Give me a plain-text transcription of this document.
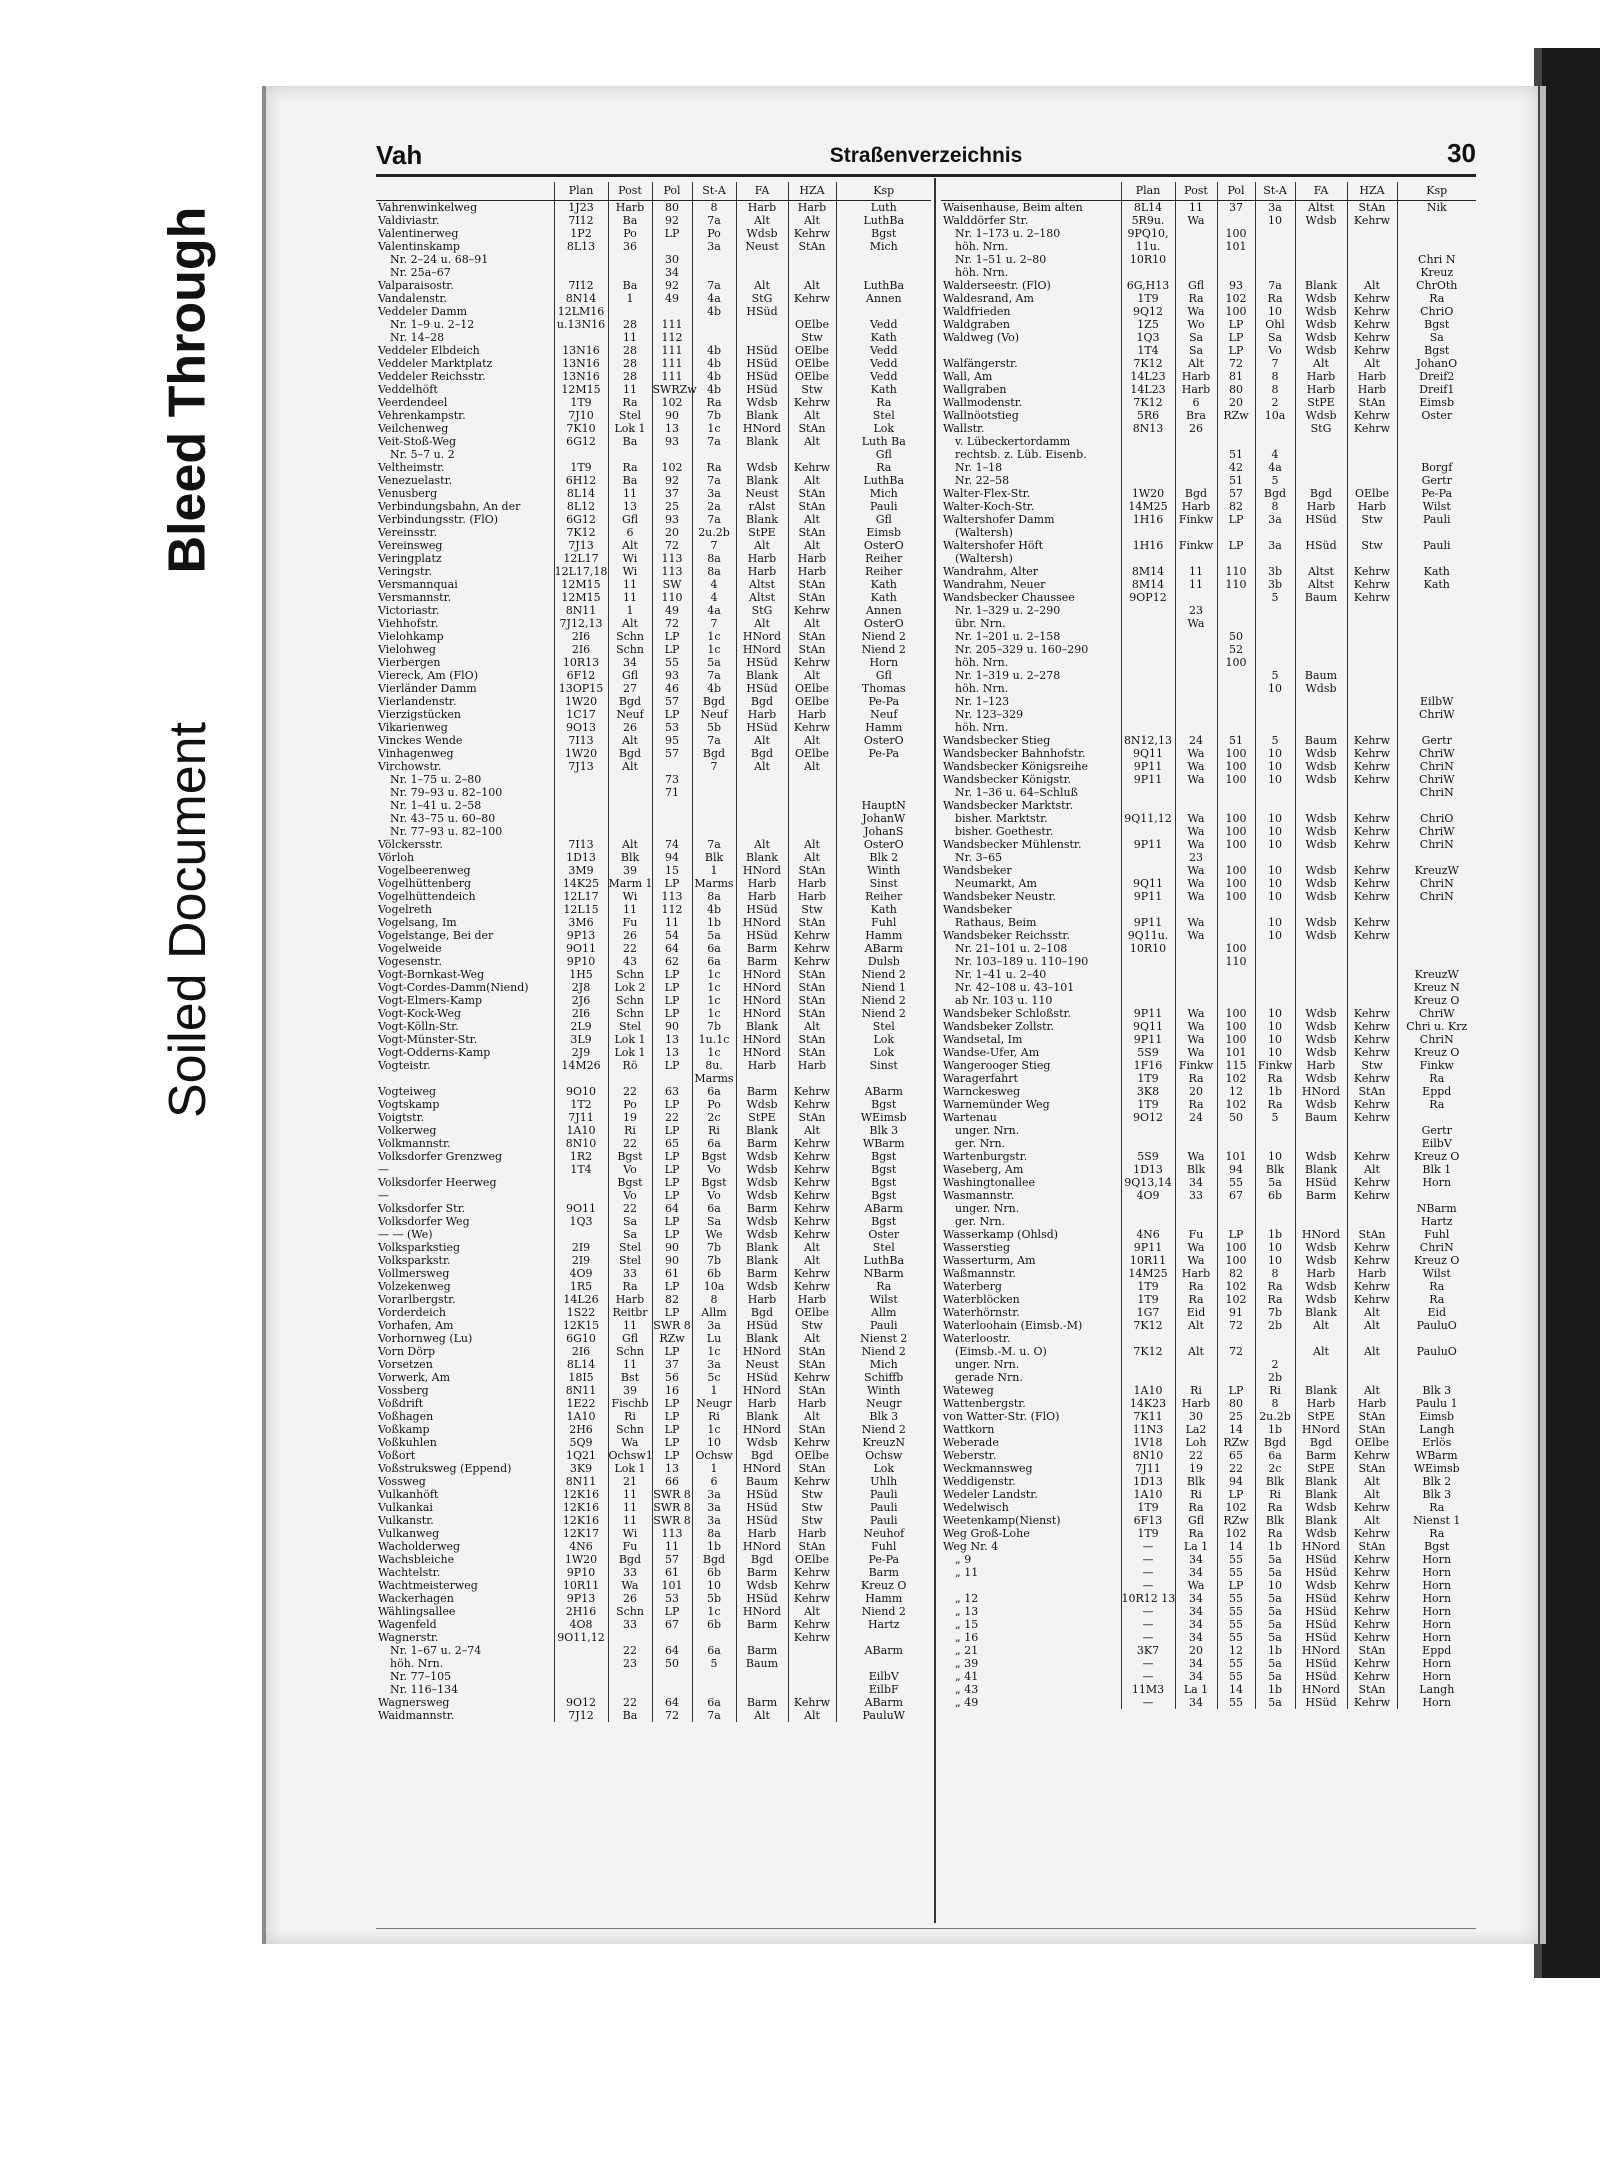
Bleed Through
Soiled Document
Vah	Straßenverzeichnis	30
	Plan	Post	Pol	St-A	FA	HZA	Ksp
Vahrenwinkelweg	1J23	Harb	80	8	Harb	Harb	Luth
Valdiviastr.	7I12	Ba	92	7a	Alt	Alt	LuthBa
Valentinerweg	1P2	Po	LP	Po	Wdsb	Kehrw	Bgst
Valentinskamp	8L13	36		3a	Neust	StAn	Mich
Nr. 2–24 u. 68–91			30				
Nr. 25a–67			34				
Valparaisostr.	7I12	Ba	92	7a	Alt	Alt	LuthBa
Vandalenstr.	8N14	1	49	4a	StG	Kehrw	Annen
Veddeler Damm	12LM16			4b	HSüd		
Nr. 1–9 u. 2–12	u.13N16	28	111			OElbe	Vedd
Nr. 14–28		11	112			Stw	Kath
Veddeler Elbdeich	13N16	28	111	4b	HSüd	OElbe	Vedd
Veddeler Marktplatz	13N16	28	111	4b	HSüd	OElbe	Vedd
Veddeler Reichsstr.	13N16	28	111	4b	HSüd	OElbe	Vedd
Veddelhöft	12M15	11	SWRZw	4b	HSüd	Stw	Kath
Veerdendeel	1T9	Ra	102	Ra	Wdsb	Kehrw	Ra
Vehrenkampstr.	7J10	Stel	90	7b	Blank	Alt	Stel
Veilchenweg	7K10	Lok 1	13	1c	HNord	StAn	Lok
Veit-Stoß-Weg	6G12	Ba	93	7a	Blank	Alt	Luth Ba
Nr. 5–7 u. 2							Gfl
Veltheimstr.	1T9	Ra	102	Ra	Wdsb	Kehrw	Ra
Venezuelastr.	6H12	Ba	92	7a	Blank	Alt	LuthBa
Venusberg	8L14	11	37	3a	Neust	StAn	Mich
Verbindungsbahn, An der	8L12	13	25	2a	rAlst	StAn	Pauli
Verbindungsstr. (FlO)	6G12	Gfl	93	7a	Blank	Alt	Gfl
Vereinsstr.	7K12	6	20	2u.2b	StPE	StAn	Eimsb
Vereinsweg	7J13	Alt	72	7	Alt	Alt	OsterO
Veringplatz	12L17	Wi	113	8a	Harb	Harb	Reiher
Veringstr.	12L17,18	Wi	113	8a	Harb	Harb	Reiher
Versmannquai	12M15	11	SW	4	Altst	StAn	Kath
Versmannstr.	12M15	11	110	4	Altst	StAn	Kath
Victoriastr.	8N11	1	49	4a	StG	Kehrw	Annen
Viehhofstr.	7J12,13	Alt	72	7	Alt	Alt	OsterO
Vielohkamp	2I6	Schn	LP	1c	HNord	StAn	Niend 2
Vielohweg	2I6	Schn	LP	1c	HNord	StAn	Niend 2
Vierbergen	10R13	34	55	5a	HSüd	Kehrw	Horn
Viereck, Am (FlO)	6F12	Gfl	93	7a	Blank	Alt	Gfl
Vierländer Damm	13OP15	27	46	4b	HSüd	OElbe	Thomas
Vierlandenstr.	1W20	Bgd	57	Bgd	Bgd	OElbe	Pe-Pa
Vierzigstücken	1C17	Neuf	LP	Neuf	Harb	Harb	Neuf
Vikarienweg	9O13	26	53	5b	HSüd	Kehrw	Hamm
Vinckes Wende	7I13	Alt	95	7a	Alt	Alt	OsterO
Vinhagenweg	1W20	Bgd	57	Bgd	Bgd	OElbe	Pe-Pa
Virchowstr.	7J13	Alt		7	Alt	Alt	
Nr. 1–75 u. 2–80			73				
Nr. 79–93 u. 82–100			71				
Nr. 1–41 u. 2–58							HauptN
Nr. 43–75 u. 60–80							JohanW
Nr. 77–93 u. 82–100							JohanS
Völckersstr.	7I13	Alt	74	7a	Alt	Alt	OsterO
Vörloh	1D13	Blk	94	Blk	Blank	Alt	Blk 2
Vogelbeerenweg	3M9	39	15	1	HNord	StAn	Winth
Vogelhüttenberg	14K25	Marm 1	LP	Marms	Harb	Harb	Sinst
Vogelhüttendeich	12L17	Wi	113	8a	Harb	Harb	Reiher
Vogelreth	12L15	11	112	4b	HSüd	Stw	Kath
Vogelsang, Im	3M6	Fu	11	1b	HNord	StAn	Fuhl
Vogelstange, Bei der	9P13	26	54	5a	HSüd	Kehrw	Hamm
Vogelweide	9O11	22	64	6a	Barm	Kehrw	ABarm
Vogesenstr.	9P10	43	62	6a	Barm	Kehrw	Dulsb
Vogt-Bornkast-Weg	1H5	Schn	LP	1c	HNord	StAn	Niend 2
Vogt-Cordes-Damm(Niend)	2J8	Lok 2	LP	1c	HNord	StAn	Niend 1
Vogt-Elmers-Kamp	2J6	Schn	LP	1c	HNord	StAn	Niend 2
Vogt-Kock-Weg	2I6	Schn	LP	1c	HNord	StAn	Niend 2
Vogt-Kölln-Str.	2L9	Stel	90	7b	Blank	Alt	Stel
Vogt-Münster-Str.	3L9	Lok 1	13	1u.1c	HNord	StAn	Lok
Vogt-Odderns-Kamp	2J9	Lok 1	13	1c	HNord	StAn	Lok
Vogteistr.	14M26	Rö	LP	8u.	Harb	Harb	Sinst
				Marms			
Vogteiweg	9O10	22	63	6a	Barm	Kehrw	ABarm
Vogtskamp	1T2	Po	LP	Po	Wdsb	Kehrw	Bgst
Voigtstr.	7J11	19	22	2c	StPE	StAn	WEimsb
Volkerweg	1A10	Ri	LP	Ri	Blank	Alt	Blk 3
Volkmannstr.	8N10	22	65	6a	Barm	Kehrw	WBarm
Volksdorfer Grenzweg	1R2	Bgst	LP	Bgst	Wdsb	Kehrw	Bgst
—	1T4	Vo	LP	Vo	Wdsb	Kehrw	Bgst
Volksdorfer Heerweg		Bgst	LP	Bgst	Wdsb	Kehrw	Bgst
—		Vo	LP	Vo	Wdsb	Kehrw	Bgst
Volksdorfer Str.	9O11	22	64	6a	Barm	Kehrw	ABarm
Volksdorfer Weg	1Q3	Sa	LP	Sa	Wdsb	Kehrw	Bgst
— — (We)		Sa	LP	We	Wdsb	Kehrw	Oster
Volksparkstieg	2I9	Stel	90	7b	Blank	Alt	Stel
Volksparkstr.	2I9	Stel	90	7b	Blank	Alt	LuthBa
Vollmersweg	4O9	33	61	6b	Barm	Kehrw	NBarm
Volzekenweg	1R5	Ra	LP	10a	Wdsb	Kehrw	Ra
Vorarlbergstr.	14L26	Harb	82	8	Harb	Harb	Wilst
Vorderdeich	1S22	Reitbr	LP	Allm	Bgd	OElbe	Allm
Vorhafen, Am	12K15	11	SWR 8	3a	HSüd	Stw	Pauli
Vorhornweg (Lu)	6G10	Gfl	RZw	Lu	Blank	Alt	Nienst 2
Vorn Dörp	2I6	Schn	LP	1c	HNord	StAn	Niend 2
Vorsetzen	8L14	11	37	3a	Neust	StAn	Mich
Vorwerk, Am	18I5	Bst	56	5c	HSüd	Kehrw	Schiffb
Vossberg	8N11	39	16	1	HNord	StAn	Winth
Voßdrift	1E22	Fischb	LP	Neugr	Harb	Harb	Neugr
Voßhagen	1A10	Ri	LP	Ri	Blank	Alt	Blk 3
Voßkamp	2H6	Schn	LP	1c	HNord	StAn	Niend 2
Voßkuhlen	5Q9	Wa	LP	10	Wdsb	Kehrw	KreuzN
Voßort	1Q21	Ochsw1	LP	Ochsw	Bgd	OElbe	Ochsw
Voßstruksweg (Eppend)	3K9	Lok 1	13	1	HNord	StAn	Lok
Vossweg	8N11	21	66	6	Baum	Kehrw	Uhlh
Vulkanhöft	12K16	11	SWR 8	3a	HSüd	Stw	Pauli
Vulkankai	12K16	11	SWR 8	3a	HSüd	Stw	Pauli
Vulkanstr.	12K16	11	SWR 8	3a	HSüd	Stw	Pauli
Vulkanweg	12K17	Wi	113	8a	Harb	Harb	Neuhof
Wacholderweg	4N6	Fu	11	1b	HNord	StAn	Fuhl
Wachsbleiche	1W20	Bgd	57	Bgd	Bgd	OElbe	Pe-Pa
Wachtelstr.	9P10	33	61	6b	Barm	Kehrw	Barm
Wachtmeisterweg	10R11	Wa	101	10	Wdsb	Kehrw	Kreuz O
Wackerhagen	9P13	26	53	5b	HSüd	Kehrw	Hamm
Wählingsallee	2H16	Schn	LP	1c	HNord	Alt	Niend 2
Wagenfeld	4O8	33	67	6b	Barm	Kehrw	Hartz
Wagnerstr.	9O11,12					Kehrw	
Nr. 1–67 u. 2–74		22	64	6a	Barm		ABarm
höh. Nrn.		23	50	5	Baum		
Nr. 77–105							EilbV
Nr. 116–134							EilbF
Wagnersweg	9O12	22	64	6a	Barm	Kehrw	ABarm
Waidmannstr.	7J12	Ba	72	7a	Alt	Alt	PauluW
	Plan	Post	Pol	St-A	FA	HZA	Ksp
Waisenhause, Beim alten	8L14	11	37	3a	Altst	StAn	Nik
Walddörfer Str.	5R9u.	Wa		10	Wdsb	Kehrw	
Nr. 1–173 u. 2–180	9PQ10,		100				
höh. Nrn.	11u.		101				
Nr. 1–51 u. 2–80	10R10						Chri N
höh. Nrn.							Kreuz
Walderseestr. (FlO)	6G,H13	Gfl	93	7a	Blank	Alt	ChrOth
Waldesrand, Am	1T9	Ra	102	Ra	Wdsb	Kehrw	Ra
Waldfrieden	9Q12	Wa	100	10	Wdsb	Kehrw	ChriO
Waldgraben	1Z5	Wo	LP	Ohl	Wdsb	Kehrw	Bgst
Waldweg (Vo)	1Q3	Sa	LP	Sa	Wdsb	Kehrw	Sa
	1T4	Sa	LP	Vo	Wdsb	Kehrw	Bgst
Walfängerstr.	7K12	Alt	72	7	Alt	Alt	JohanO
Wall, Am	14L23	Harb	81	8	Harb	Harb	Dreif2
Wallgraben	14L23	Harb	80	8	Harb	Harb	Dreif1
Wallmodenstr.	7K12	6	20	2	StPE	StAn	Eimsb
Wallnöotstieg	5R6	Bra	RZw	10a	Wdsb	Kehrw	Oster
Wallstr.	8N13	26			StG	Kehrw	
v. Lübeckertordamm							
rechtsb. z. Lüb. Eisenb.			51	4			
Nr. 1–18			42	4a			Borgf
Nr. 22–58			51	5			Gertr
Walter-Flex-Str.	1W20	Bgd	57	Bgd	Bgd	OElbe	Pe-Pa
Walter-Koch-Str.	14M25	Harb	82	8	Harb	Harb	Wilst
Waltershofer Damm	1H16	Finkw	LP	3a	HSüd	Stw	Pauli
(Waltersh)							
Waltershofer Höft	1H16	Finkw	LP	3a	HSüd	Stw	Pauli
(Waltersh)							
Wandrahm, Alter	8M14	11	110	3b	Altst	Kehrw	Kath
Wandrahm, Neuer	8M14	11	110	3b	Altst	Kehrw	Kath
Wandsbecker Chaussee	9OP12			5	Baum	Kehrw	
Nr. 1–329 u. 2–290		23					
übr. Nrn.		Wa					
Nr. 1–201 u. 2–158			50				
Nr. 205–329 u. 160–290			52				
höh. Nrn.			100				
Nr. 1–319 u. 2–278				5	Baum		
höh. Nrn.				10	Wdsb		
Nr. 1–123							EilbW
Nr. 123–329							ChriW
höh. Nrn.							
Wandsbecker Stieg	8N12,13	24	51	5	Baum	Kehrw	Gertr
Wandsbecker Bahnhofstr.	9Q11	Wa	100	10	Wdsb	Kehrw	ChriW
Wandsbecker Königsreihe	9P11	Wa	100	10	Wdsb	Kehrw	ChriN
Wandsbecker Königstr.	9P11	Wa	100	10	Wdsb	Kehrw	ChriW
Nr. 1–36 u. 64–Schluß							ChriN
Wandsbecker Marktstr.							
bisher. Marktstr.	9Q11,12	Wa	100	10	Wdsb	Kehrw	ChriO
bisher. Goethestr.		Wa	100	10	Wdsb	Kehrw	ChriW
Wandsbecker Mühlenstr.	9P11	Wa	100	10	Wdsb	Kehrw	ChriN
Nr. 3–65		23					
Wandsbeker		Wa	100	10	Wdsb	Kehrw	KreuzW
Neumarkt, Am	9Q11	Wa	100	10	Wdsb	Kehrw	ChriN
Wandsbeker Neustr.	9P11	Wa	100	10	Wdsb	Kehrw	ChriN
Wandsbeker							
Rathaus, Beim	9P11	Wa		10	Wdsb	Kehrw	
Wandsbeker Reichsstr.	9Q11u.	Wa		10	Wdsb	Kehrw	
Nr. 21–101 u. 2–108	10R10		100				
Nr. 103–189 u. 110–190			110				
Nr. 1–41 u. 2–40							KreuzW
Nr. 42–108 u. 43–101							Kreuz N
ab Nr. 103 u. 110							Kreuz O
Wandsbeker Schloßstr.	9P11	Wa	100	10	Wdsb	Kehrw	ChriW
Wandsbeker Zollstr.	9Q11	Wa	100	10	Wdsb	Kehrw	Chri u. Krz
Wandsetal, Im	9P11	Wa	100	10	Wdsb	Kehrw	ChriN
Wandse-Ufer, Am	5S9	Wa	101	10	Wdsb	Kehrw	Kreuz O
Wangerooger Stieg	1F16	Finkw	115	Finkw	Harb	Stw	Finkw
Waragerfahrt	1T9	Ra	102	Ra	Wdsb	Kehrw	Ra
Warnckesweg	3K8	20	12	1b	HNord	StAn	Eppd
Warnemünder Weg	1T9	Ra	102	Ra	Wdsb	Kehrw	Ra
Wartenau	9O12	24	50	5	Baum	Kehrw	
unger. Nrn.							Gertr
ger. Nrn.							EilbV
Wartenburgstr.	5S9	Wa	101	10	Wdsb	Kehrw	Kreuz O
Waseberg, Am	1D13	Blk	94	Blk	Blank	Alt	Blk 1
Washingtonallee	9Q13,14	34	55	5a	HSüd	Kehrw	Horn
Wasmannstr.	4O9	33	67	6b	Barm	Kehrw	
unger. Nrn.							NBarm
ger. Nrn.							Hartz
Wasserkamp (Ohlsd)	4N6	Fu	LP	1b	HNord	StAn	Fuhl
Wasserstieg	9P11	Wa	100	10	Wdsb	Kehrw	ChriN
Wasserturm, Am	10R11	Wa	100	10	Wdsb	Kehrw	Kreuz O
Waßmannstr.	14M25	Harb	82	8	Harb	Harb	Wilst
Waterberg	1T9	Ra	102	Ra	Wdsb	Kehrw	Ra
Waterblöcken	1T9	Ra	102	Ra	Wdsb	Kehrw	Ra
Waterhörnstr.	1G7	Eid	91	7b	Blank	Alt	Eid
Waterloohain (Eimsb.-M)	7K12	Alt	72	2b	Alt	Alt	PauluO
Waterloostr.							
(Eimsb.-M. u. O)	7K12	Alt	72		Alt	Alt	PauluO
unger. Nrn.				2			
gerade Nrn.				2b			
Wateweg	1A10	Ri	LP	Ri	Blank	Alt	Blk 3
Wattenbergstr.	14K23	Harb	80	8	Harb	Harb	Paulu 1
von Watter-Str. (FlO)	7K11	30	25	2u.2b	StPE	StAn	Eimsb
Wattkorn	11N3	La2	14	1b	HNord	StAn	Langh
Weberade	1V18	Loh	RZw	Bgd	Bgd	OElbe	Erlös
Weberstr.	8N10	22	65	6a	Barm	Kehrw	WBarm
Weckmannsweg	7J11	19	22	2c	StPE	StAn	WEimsb
Weddigenstr.	1D13	Blk	94	Blk	Blank	Alt	Blk 2
Wedeler Landstr.	1A10	Ri	LP	Ri	Blank	Alt	Blk 3
Wedelwisch	1T9	Ra	102	Ra	Wdsb	Kehrw	Ra
Weetenkamp(Nienst)	6F13	Gfl	RZw	Blk	Blank	Alt	Nienst 1
Weg Groß-Lohe	1T9	Ra	102	Ra	Wdsb	Kehrw	Ra
Weg Nr. 4	—	La 1	14	1b	HNord	StAn	Bgst
„ 9	—	34	55	5a	HSüd	Kehrw	Horn
„ 11	—	34	55	5a	HSüd	Kehrw	Horn
	—	Wa	LP	10	Wdsb	Kehrw	Horn
„ 12	10R12 13	34	55	5a	HSüd	Kehrw	Horn
„ 13	—	34	55	5a	HSüd	Kehrw	Horn
„ 15	—	34	55	5a	HSüd	Kehrw	Horn
„ 16	—	34	55	5a	HSüd	Kehrw	Horn
„ 21	3K7	20	12	1b	HNord	StAn	Eppd
„ 39	—	34	55	5a	HSüd	Kehrw	Horn
„ 41	—	34	55	5a	HSüd	Kehrw	Horn
„ 43	11M3	La 1	14	1b	HNord	StAn	Langh
„ 49	—	34	55	5a	HSüd	Kehrw	Horn
